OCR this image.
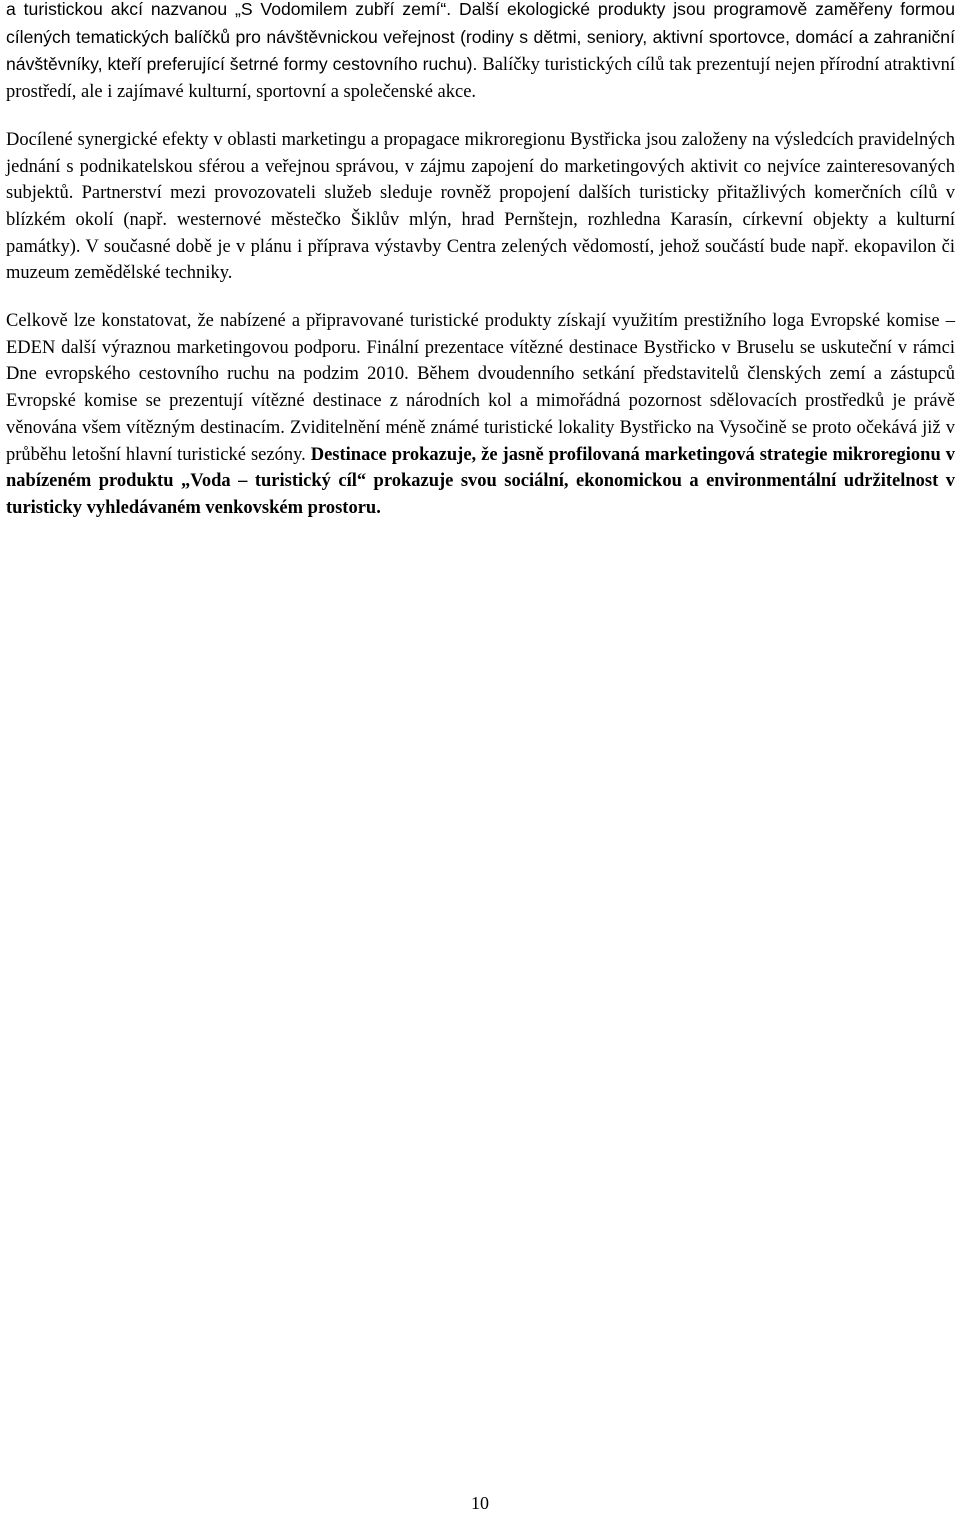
a turistickou akcí nazvanou „S Vodomilem zubří zemí“. Další ekologické produkty jsou programově zaměřeny formou cílených tematických balíčků pro návštěvnickou veřejnost (rodiny s dětmi, seniory, aktivní sportovce, domácí a zahraniční návštěvníky, kteří preferující šetrné formy cestovního ruchu). Balíčky turistických cílů tak prezentují nejen přírodní atraktivní prostředí, ale i zajímavé kulturní, sportovní a společenské akce.

Docílené synergické efekty v oblasti marketingu a propagace mikroregionu Bystřicka jsou založeny na výsledcích pravidelných jednání s podnikatelskou sférou a veřejnou správou, v zájmu zapojení do marketingových aktivit co nejvíce zainteresovaných subjektů. Partnerství mezi provozovateli služeb sleduje rovněž propojení dalších turisticky přitažlivých komerčních cílů v blízkém okolí (např. westernové městečko Šiklův mlýn, hrad Pernštejn, rozhledna Karasín, církevní objekty a kulturní památky). V současné době je v plánu i příprava výstavby Centra zelených vědomostí, jehož součástí bude např. ekopavilon či muzeum zemědělské techniky.

Celkově lze konstatovat, že nabízené a připravované turistické produkty získají využitím prestižního loga Evropské komise – EDEN další výraznou marketingovou podporu. Finální prezentace vítězné destinace Bystřicko v Bruselu se uskuteční v rámci Dne evropského cestovního ruchu na podzim 2010. Během dvoudenního setkání představitelů členských zemí a zástupců Evropské komise se prezentují vítězné destinace z národních kol a mimořádná pozornost sdělovacích prostředků je právě věnována všem vítězným destinacím. Zviditelnění méně známé turistické lokality Bystřicko na Vysočině se proto očekává již v průběhu letošní hlavní turistické sezóny. Destinace prokazuje, že jasně profilovaná marketingová strategie mikroregionu v nabízeném produktu „Voda – turistický cíl“ prokazuje svou sociální, ekonomickou a environmentální udržitelnost v turisticky vyhledávaném venkovském prostoru.

10
